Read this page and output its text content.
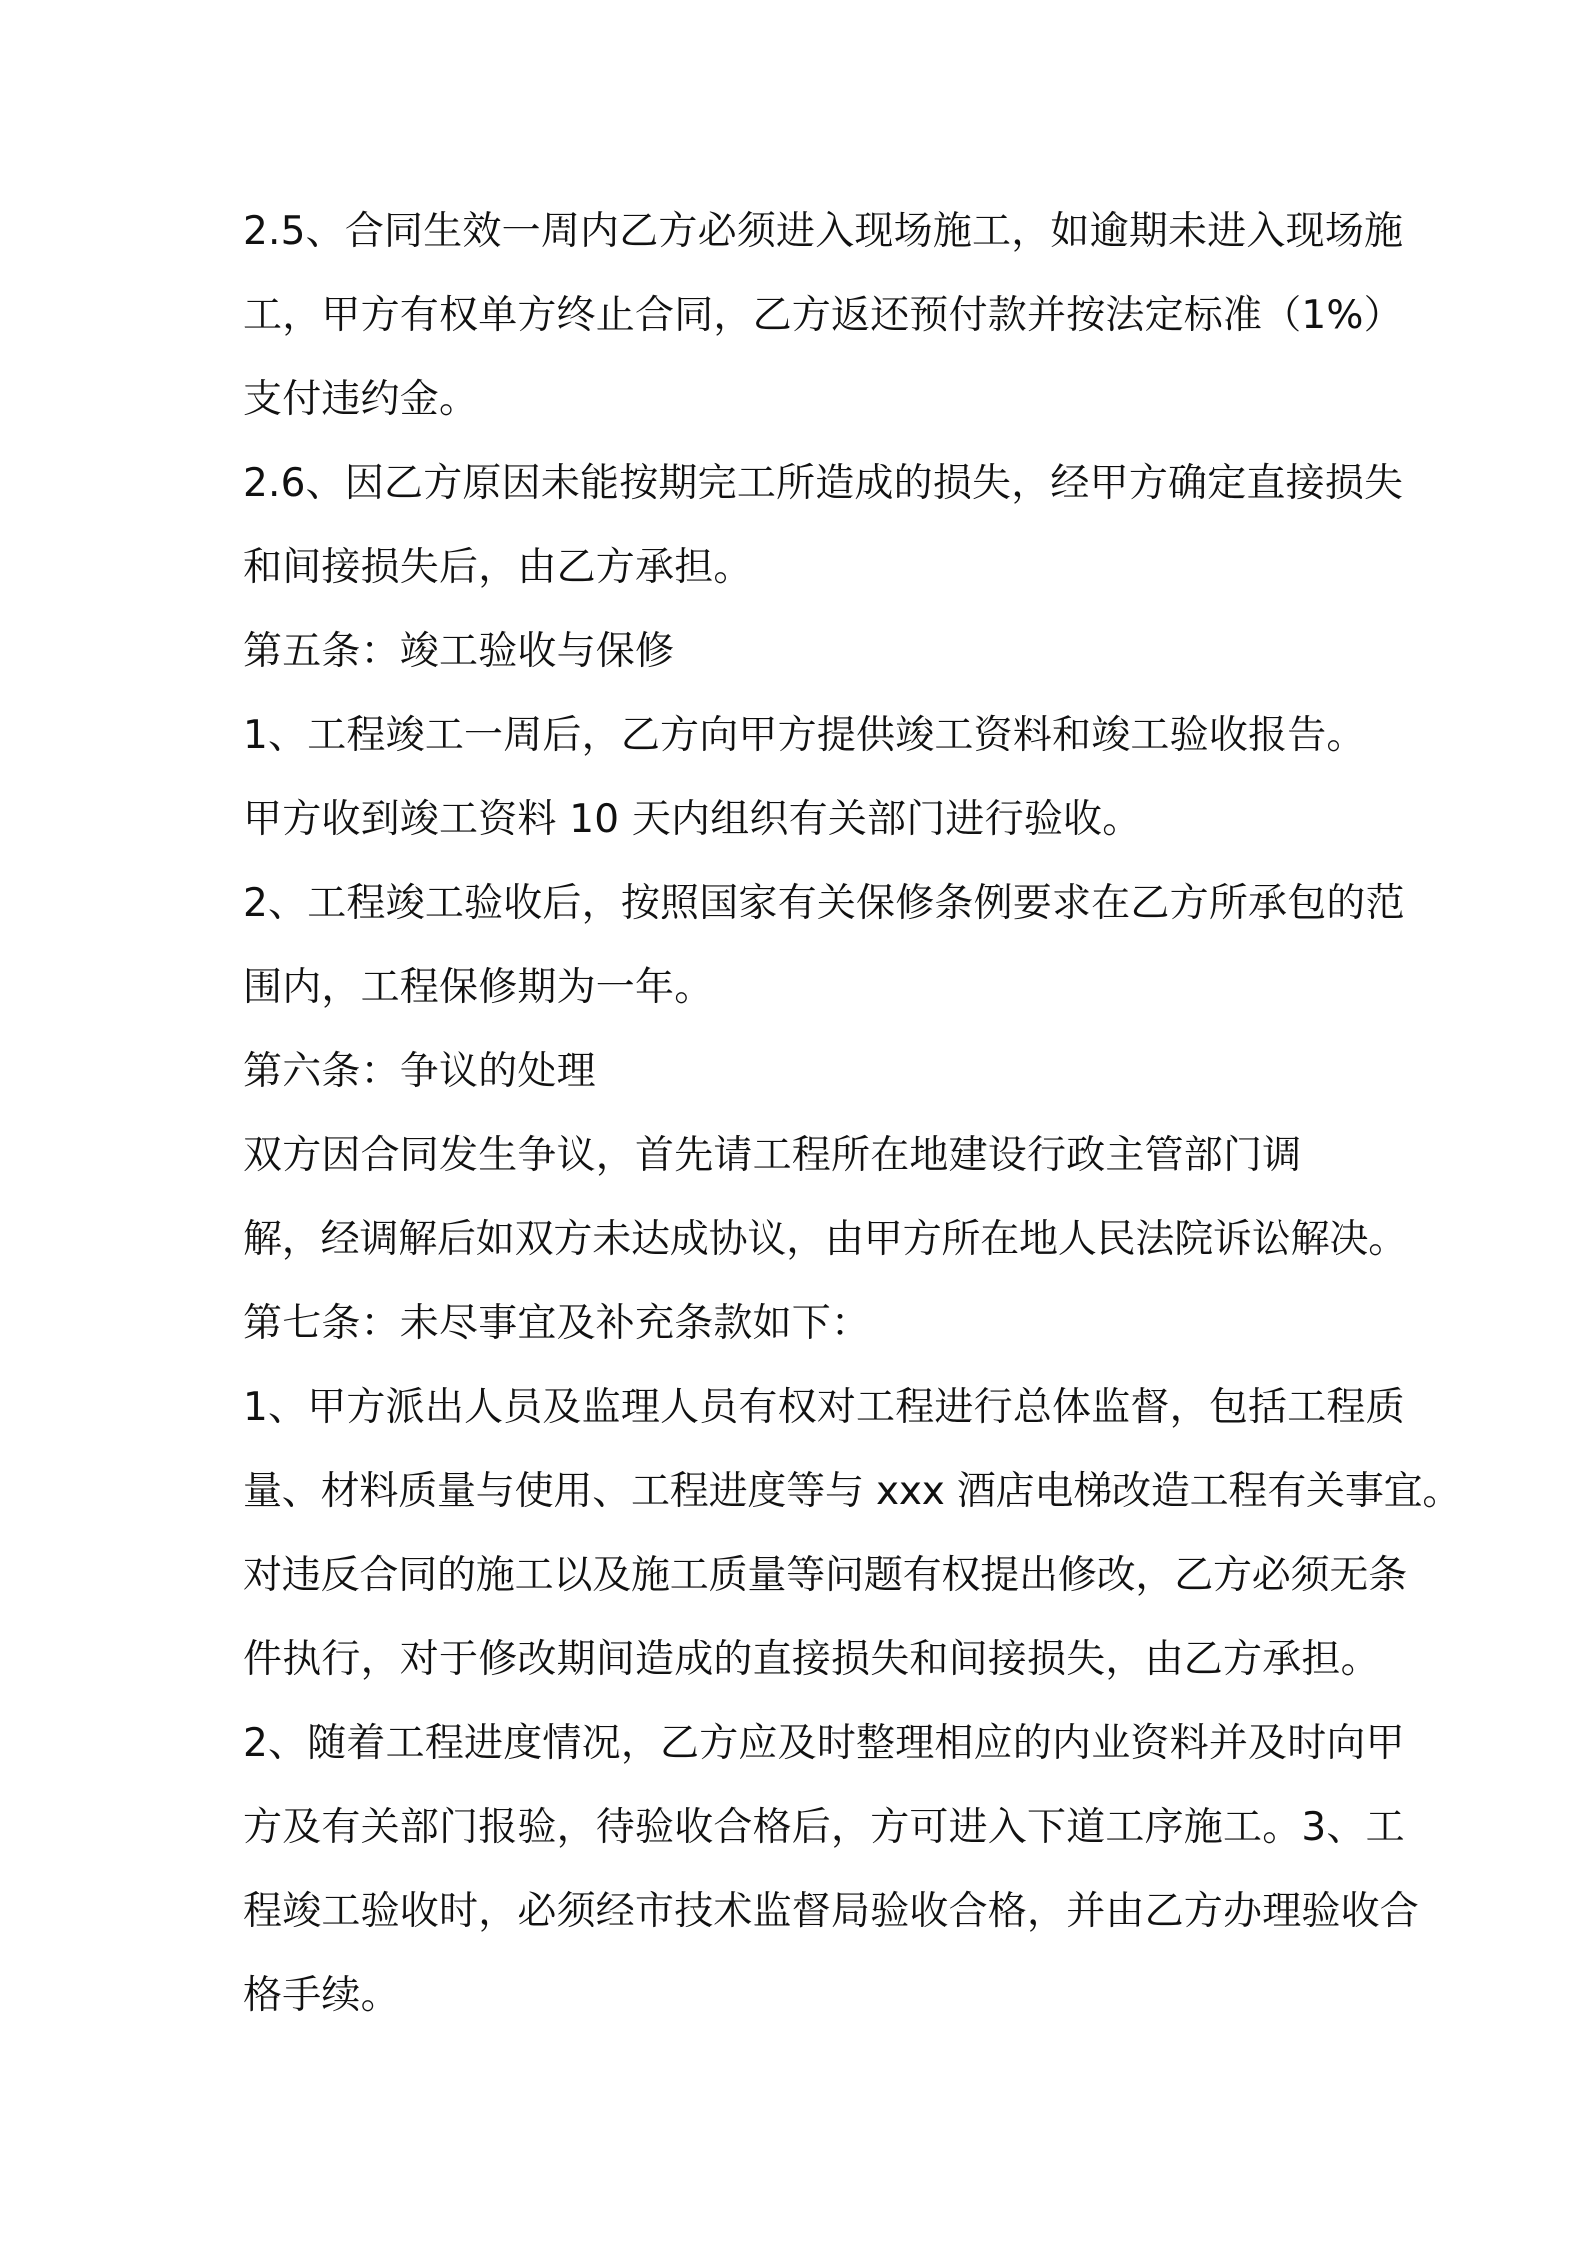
2.5、合同生效一周内乙方必须进入现场施工，如逾期未进入现场施
工，甲方有权单方终止合同，乙方返还预付款并按法定标准（1%）
支付违约金。
2.6、因乙方原因未能按期完工所造成的损失，经甲方确定直接损失
和间接损失后，由乙方承担。
第五条：竣工验收与保修
1、工程竣工一周后，乙方向甲方提供竣工资料和竣工验收报告。
甲方收到竣工资料 10 天内组织有关部门进行验收。
2、工程竣工验收后，按照国家有关保修条例要求在乙方所承包的范
围内，工程保修期为一年。
第六条：争议的处理
双方因合同发生争议，首先请工程所在地建设行政主管部门调
解，经调解后如双方未达成协议，由甲方所在地人民法院诉讼解决。
第七条：未尽事宜及补充条款如下：
1、甲方派出人员及监理人员有权对工程进行总体监督，包括工程质
量、材料质量与使用、工程进度等与 xxx 酒店电梯改造工程有关事宜。
对违反合同的施工以及施工质量等问题有权提出修改，乙方必须无条
件执行，对于修改期间造成的直接损失和间接损失，由乙方承担。
2、随着工程进度情况，乙方应及时整理相应的内业资料并及时向甲
方及有关部门报验，待验收合格后，方可进入下道工序施工。3、工
程竣工验收时，必须经市技术监督局验收合格，并由乙方办理验收合
格手续。
